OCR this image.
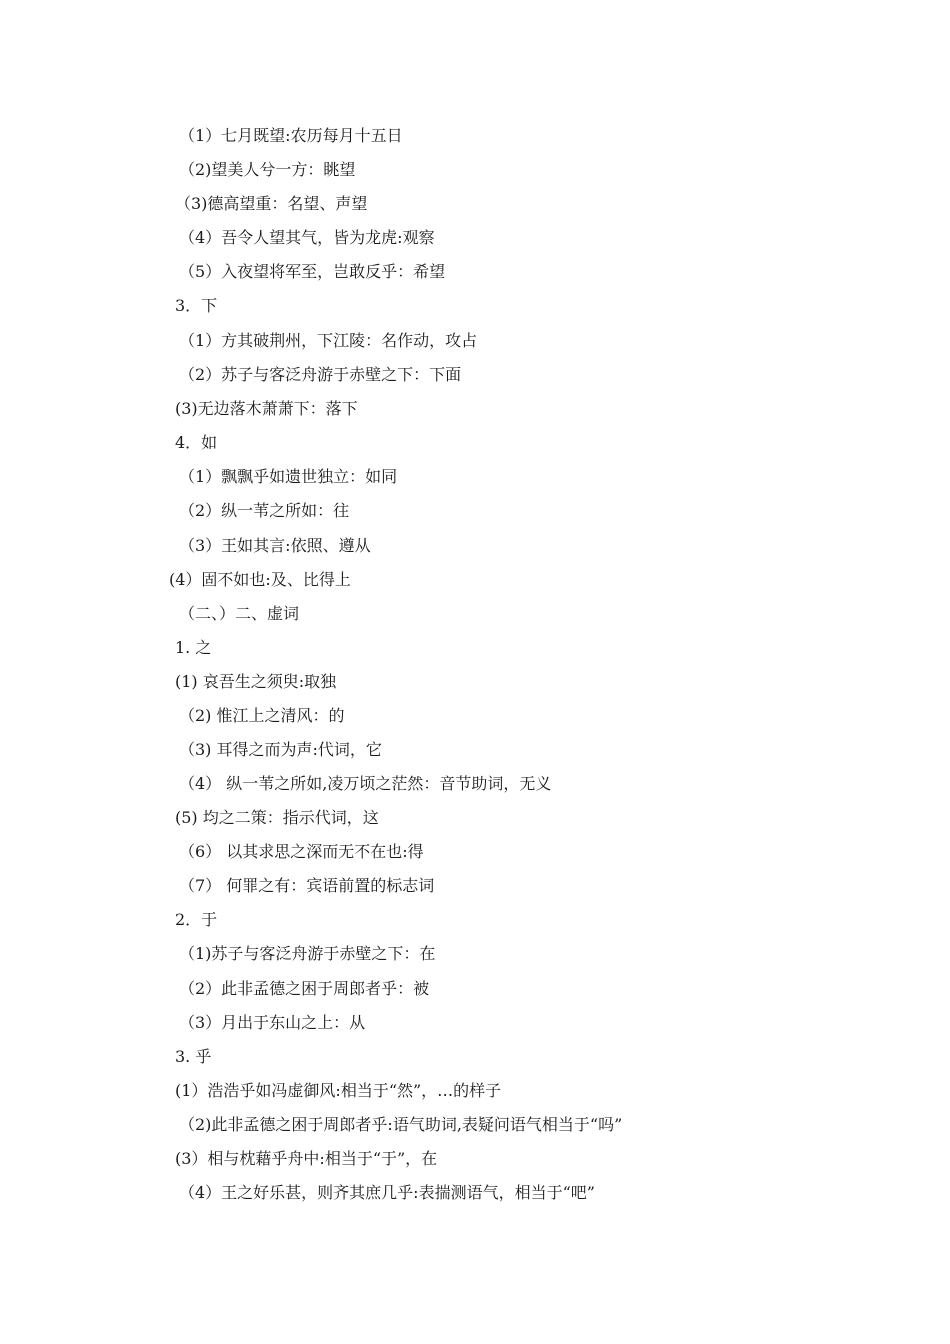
（1）七月既望:农历每月十五日
（2)望美人兮一方：眺望
（3)德高望重：名望、声望
（4）吾令人望其气，皆为龙虎:观察
（5）入夜望将军至，岂敢反乎：希望
3．下
（1）方其破荆州，下江陵：名作动，攻占
（2）苏子与客泛舟游于赤壁之下：下面
(3)无边落木萧萧下：落下
4．如
（1）飘飘乎如遗世独立：如同
（2）纵一苇之所如：往
（3）王如其言:依照、遵从
(4）固不如也:及、比得上
（二、）二、虚词
1. 之
(1) 哀吾生之须臾:取独
（2) 惟江上之清风：的
（3) 耳得之而为声:代词，它
（4） 纵一苇之所如,凌万顷之茫然：音节助词，无义
(5) 均之二策：指示代词，这
（6） 以其求思之深而无不在也:得
（7） 何罪之有：宾语前置的标志词
2．于
（1)苏子与客泛舟游于赤壁之下：在
（2）此非孟德之困于周郎者乎：被
（3）月出于东山之上：从
3. 乎
(1）浩浩乎如冯虚御风:相当于“然”，…的样子
（2)此非孟德之困于周郎者乎:语气助词,表疑问语气相当于“吗”
(3）相与枕藉乎舟中:相当于“于”，在
（4）王之好乐甚，则齐其庶几乎:表揣测语气，相当于“吧”
